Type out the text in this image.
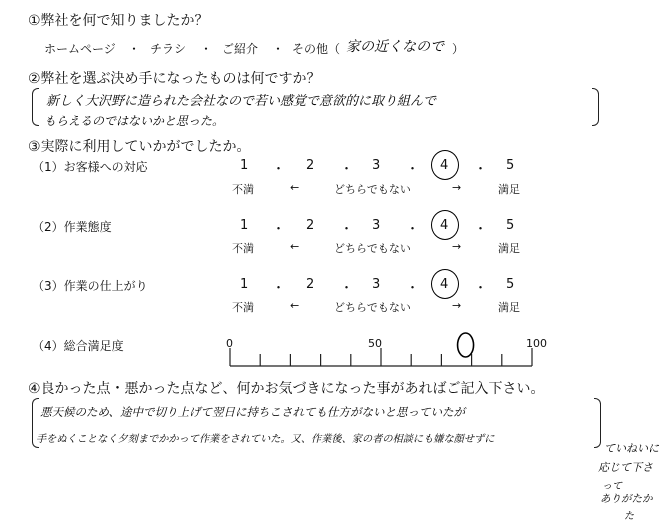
①弊社を何で知りましたか？
ホームページ ・ チラシ ・ ご紹介 ・ その他（ 家の近くなので ）
②弊社を選ぶ決め手になったものは何ですか？
新しく大沢野に造られた会社なので若い感覚で意欲的に取り組んで
もらえるのではないかと思った。
③実際に利用していかがでしたか。
（1）お客様への対応	1 ・ 2 ・ 3 ・ 4 ・ 5
不満	←	どちらでもない	→	満足
（2）作業態度	1 ・ 2 ・ 3 ・ 4 ・ 5
不満	←	どちらでもない	→	満足
（3）作業の仕上がり	1 ・ 2 ・ 3 ・ 4 ・ 5
不満	←	どちらでもない	→	満足
（4）総合満足度	0	50	100
④良かった点・悪かった点など、何かお気づきになった事があればご記入下さい。
悪天候のため、途中で切り上げて翌日に持ちこされても仕方がないと思っていたが
手をぬくことなく夕刻までかかって作業をされていた。又、作業後、家の者の相談にも嫌な顔せずに
ていねいに
応じて下さ
って
ありがたか
た
